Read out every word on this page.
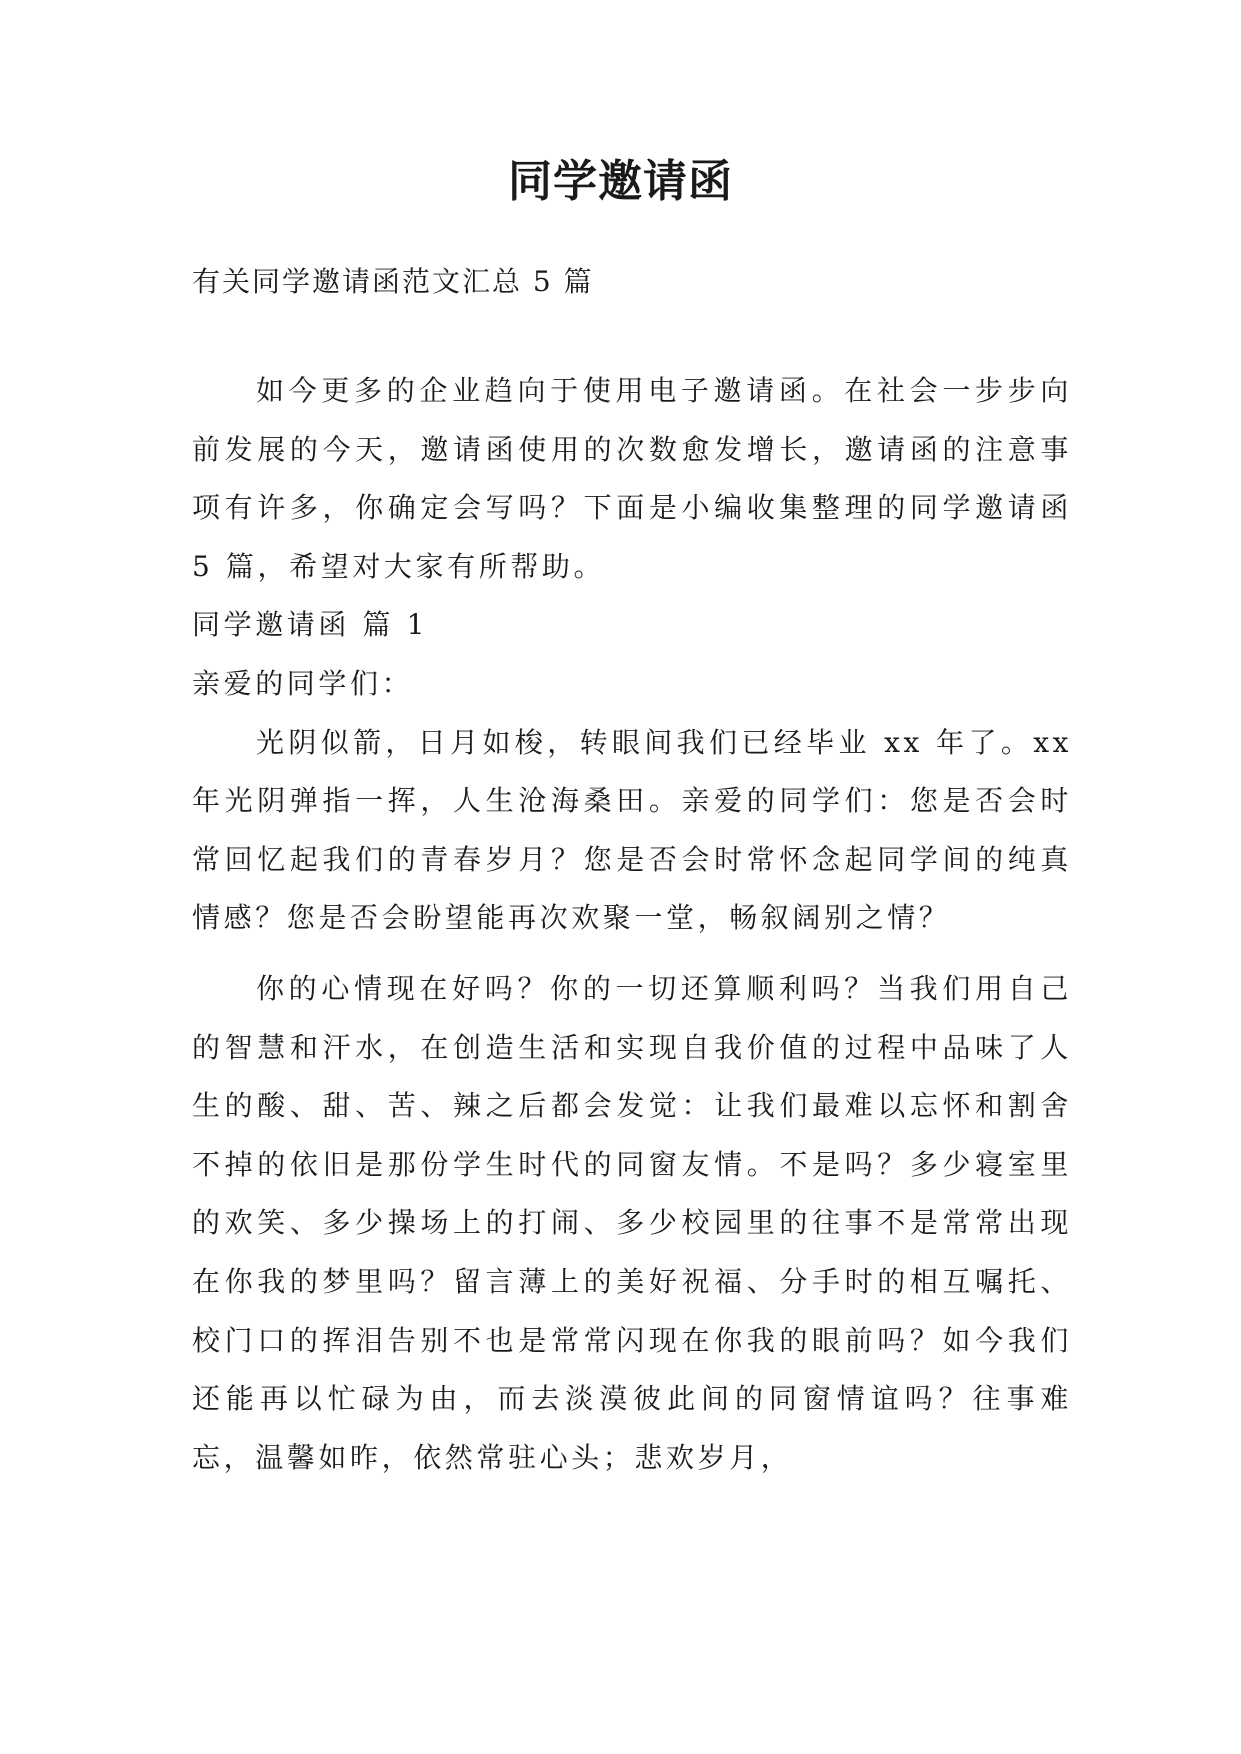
同学邀请函
有关同学邀请函范文汇总 5 篇

如今更多的企业趋向于使用电子邀请函。在社会一步步向前发展的今天，邀请函使用的次数愈发增长，邀请函的注意事项有许多，你确定会写吗？下面是小编收集整理的同学邀请函 5 篇，希望对大家有所帮助。

同学邀请函 篇 1

亲爱的同学们：

光阴似箭，日月如梭，转眼间我们已经毕业 xx 年了。xx 年光阴弹指一挥，人生沧海桑田。亲爱的同学们：您是否会时常回忆起我们的青春岁月？您是否会时常怀念起同学间的纯真情感？您是否会盼望能再次欢聚一堂，畅叙阔别之情？

你的心情现在好吗？你的一切还算顺利吗？当我们用自己的智慧和汗水，在创造生活和实现自我价值的过程中品味了人生的酸、甜、苦、辣之后都会发觉：让我们最难以忘怀和割舍不掉的依旧是那份学生时代的同窗友情。不是吗？多少寝室里的欢笑、多少操场上的打闹、多少校园里的往事不是常常出现在你我的梦里吗？留言薄上的美好祝福、分手时的相互嘱托、校门口的挥泪告别不也是常常闪现在你我的眼前吗？如今我们还能再以忙碌为由，而去淡漠彼此间的同窗情谊吗？往事难忘，温馨如昨，依然常驻心头；悲欢岁月，
